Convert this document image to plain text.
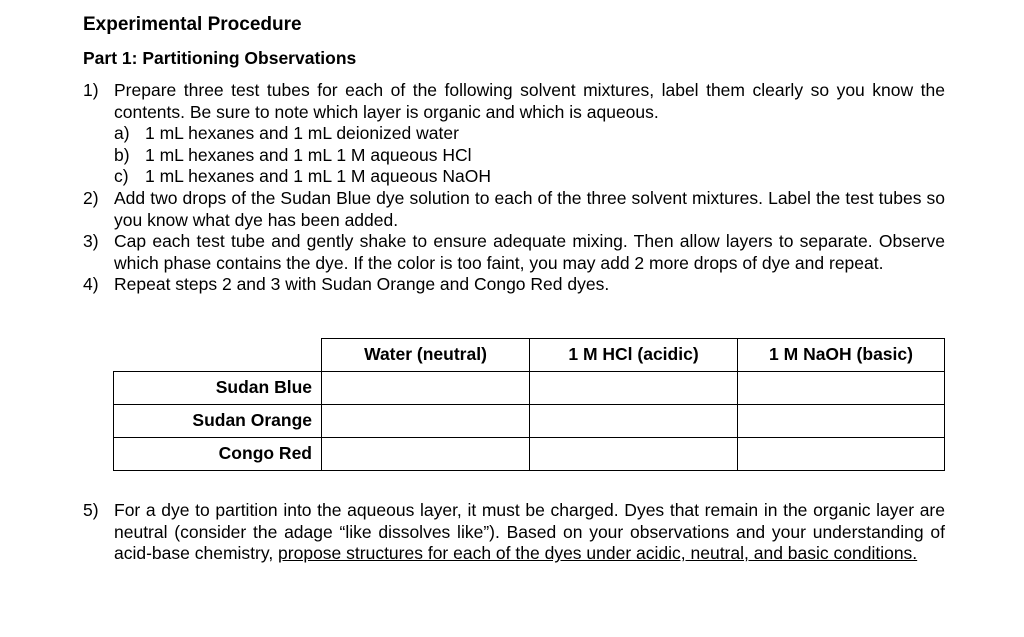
Experimental Procedure
Part 1: Partitioning Observations
1) Prepare three test tubes for each of the following solvent mixtures, label them clearly so you know the contents. Be sure to note which layer is organic and which is aqueous.
a) 1 mL hexanes and 1 mL deionized water
b) 1 mL hexanes and 1 mL 1 M aqueous HCl
c) 1 mL hexanes and 1 mL 1 M aqueous NaOH
2) Add two drops of the Sudan Blue dye solution to each of the three solvent mixtures. Label the test tubes so you know what dye has been added.
3) Cap each test tube and gently shake to ensure adequate mixing. Then allow layers to separate. Observe which phase contains the dye. If the color is too faint, you may add 2 more drops of dye and repeat.
4) Repeat steps 2 and 3 with Sudan Orange and Congo Red dyes.
	Water (neutral)	1 M HCl (acidic)	1 M NaOH (basic)
Sudan Blue			
Sudan Orange			
Congo Red			
5) For a dye to partition into the aqueous layer, it must be charged. Dyes that remain in the organic layer are neutral (consider the adage “like dissolves like”). Based on your observations and your understanding of acid-base chemistry, propose structures for each of the dyes under acidic, neutral, and basic conditions.
